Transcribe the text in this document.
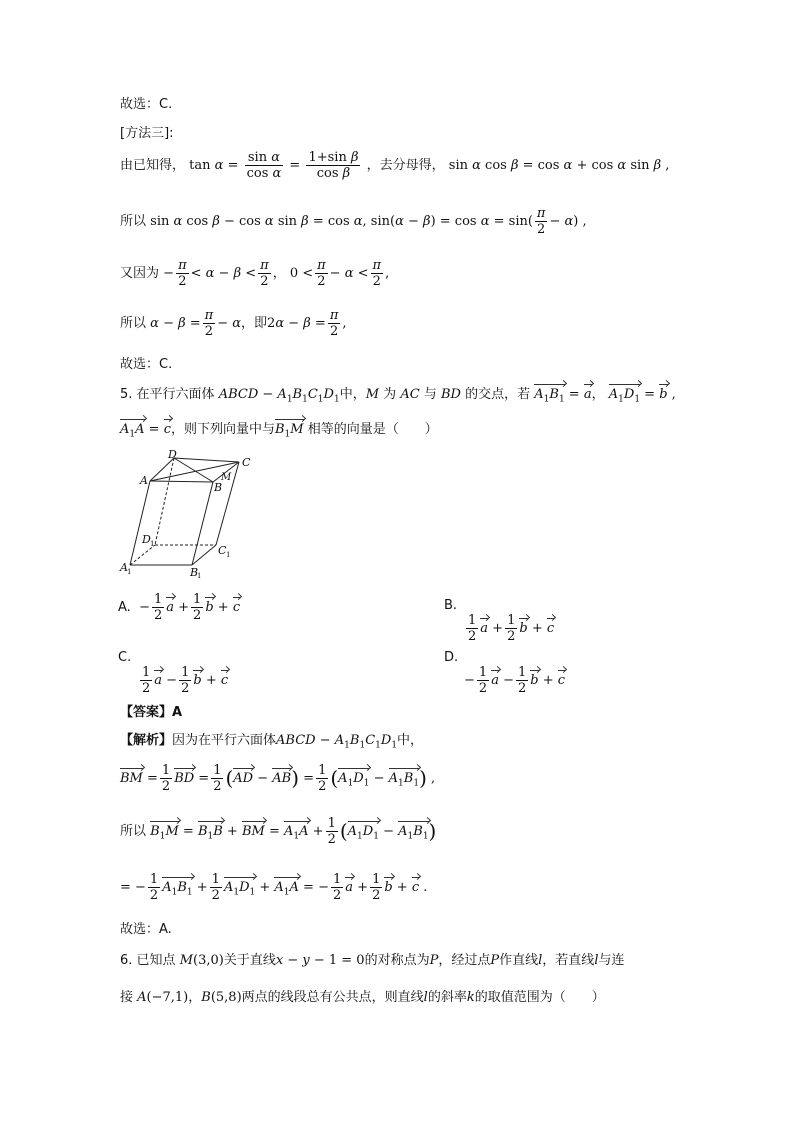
故选：C.
[方法三]:
由已知得， $\tan \alpha = \frac{\text{sin α}}{\text{cos α}} = \frac{\text{1+sin β}}{\text{cos β}}$ ，去分母得， sin α cos β = cos α + cos α sin β ,
所以 sin α cos β − cos α sin β = cos α, $\sin(\alpha - \beta) = \cos \alpha = \sin( \frac{\pi}{2} - \alpha)$ ,
又因为 − $\frac{\pi}{2} < \alpha - \beta < \frac{\pi}{2}$ ， $0 < \frac{\pi}{2} - \alpha < \frac{\pi}{2}$ ,
所以 $\alpha - \beta = \frac{\pi}{2} - \alpha$，即$2\alpha - \beta = \frac{\pi}{2}$ ,
故选：C.
5. 在平行六面体 ABCD − $A_1B_1C_1D_1$中，M 为 AC 与 BD 的交点，若 $A_1B_1 = a$， $A_1D_1 = b$ ,
$A_1A = c$，则下列向量中与$B_1M$ 相等的向量是（　　）
D
C
A	M
B
D 1	C 1
A 1	B
1
A.  − $\frac{1}{2}$ $a + \frac{1}{2}$ b + c	B.

$\frac{1}{2}$ $a + \frac{1}{2}$ b + c
C.

$\frac{1}{2}$ $a - \frac{1}{2}$ b + c
D.
− $\frac{1}{2}$ $a - \frac{1}{2}$ b + c
【答案】A
【解析】因为在平行六面体ABCD − $A_1B_1C_1D_1$中，
BM = $\frac{1}{2}$ BD = $\frac{1}{2} (AD - AB) = \frac{1}{2} (A_1D_1 - A_1B_1)$ ,
所以 $B_1M = B_1B$ + BM = $A_1A + \frac{1}{2} (A_1D_1 - A_1B_1)$
= − $\frac{1}{2} A_1B_1 + \frac{1}{2} A_1D_1 + A_1A$ = − $\frac{1}{2}$ $a + \frac{1}{2}$ b + c .
故选：A.
6. 已知点 M(3,0)关于直线x − y − 1 = 0的对称点为P，经过点P作直线l，若直线l与连
接 A(−7,1)，B(5,8)两点的线段总有公共点，则直线l的斜率k的取值范围为（　　）
